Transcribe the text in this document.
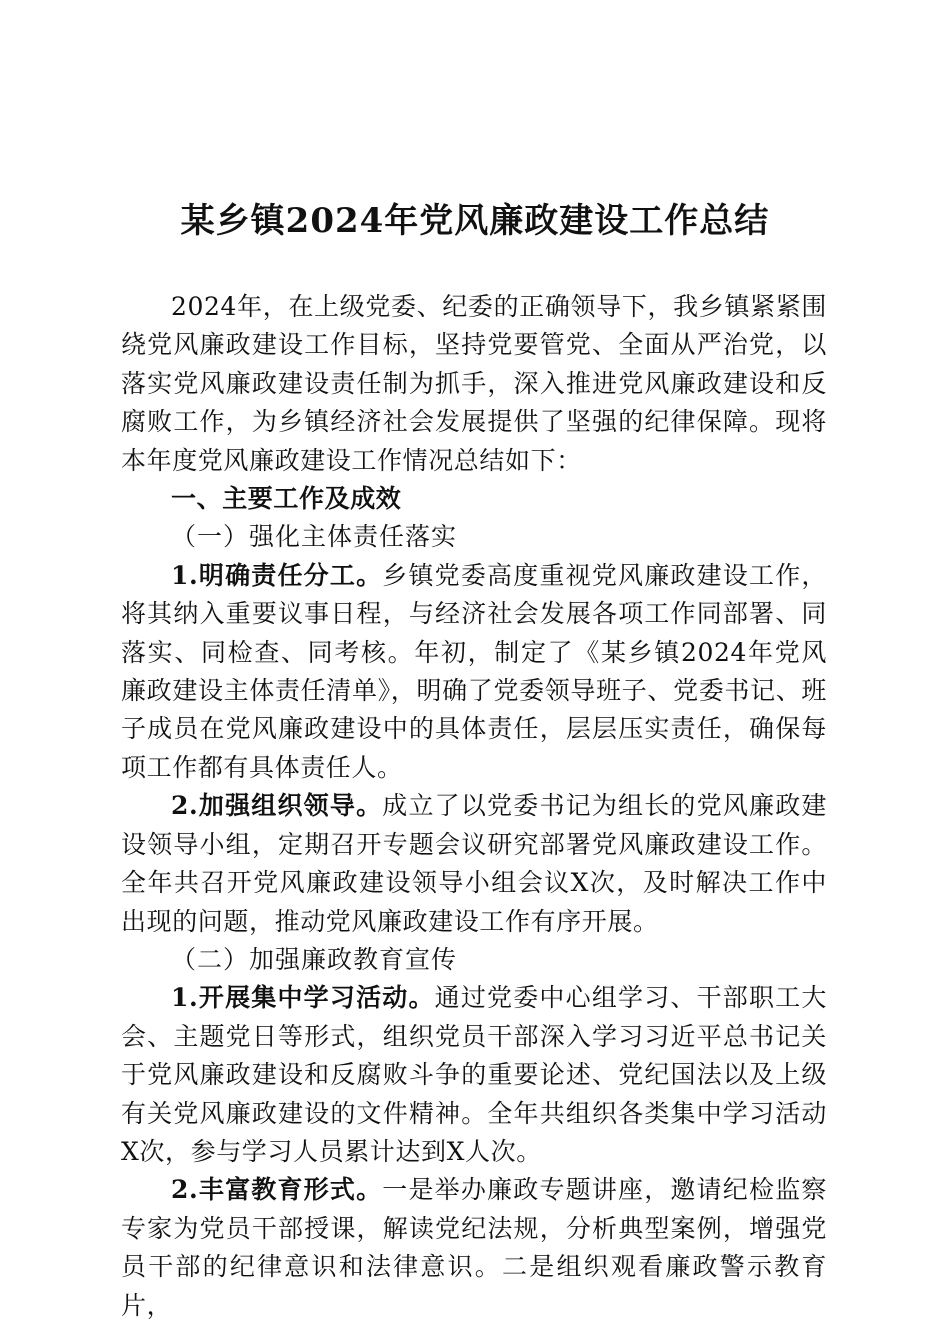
某乡镇2024年党风廉政建设工作总结

2024年，在上级党委、纪委的正确领导下，我乡镇紧紧围绕党风廉政建设工作目标，坚持党要管党、全面从严治党，以落实党风廉政建设责任制为抓手，深入推进党风廉政建设和反腐败工作，为乡镇经济社会发展提供了坚强的纪律保障。现将本年度党风廉政建设工作情况总结如下：

一、主要工作及成效

（一）强化主体责任落实

1.明确责任分工。乡镇党委高度重视党风廉政建设工作，将其纳入重要议事日程，与经济社会发展各项工作同部署、同落实、同检查、同考核。年初，制定了《某乡镇2024年党风廉政建设主体责任清单》，明确了党委领导班子、党委书记、班子成员在党风廉政建设中的具体责任，层层压实责任，确保每项工作都有具体责任人。

2.加强组织领导。成立了以党委书记为组长的党风廉政建设领导小组，定期召开专题会议研究部署党风廉政建设工作。全年共召开党风廉政建设领导小组会议X次，及时解决工作中出现的问题，推动党风廉政建设工作有序开展。

（二）加强廉政教育宣传

1.开展集中学习活动。通过党委中心组学习、干部职工大会、主题党日等形式，组织党员干部深入学习习近平总书记关于党风廉政建设和反腐败斗争的重要论述、党纪国法以及上级有关党风廉政建设的文件精神。全年共组织各类集中学习活动X次，参与学习人员累计达到X人次。

2.丰富教育形式。一是举办廉政专题讲座，邀请纪检监察专家为党员干部授课，解读党纪法规，分析典型案例，增强党员干部的纪律意识和法律意识。二是组织观看廉政警示教育片，
